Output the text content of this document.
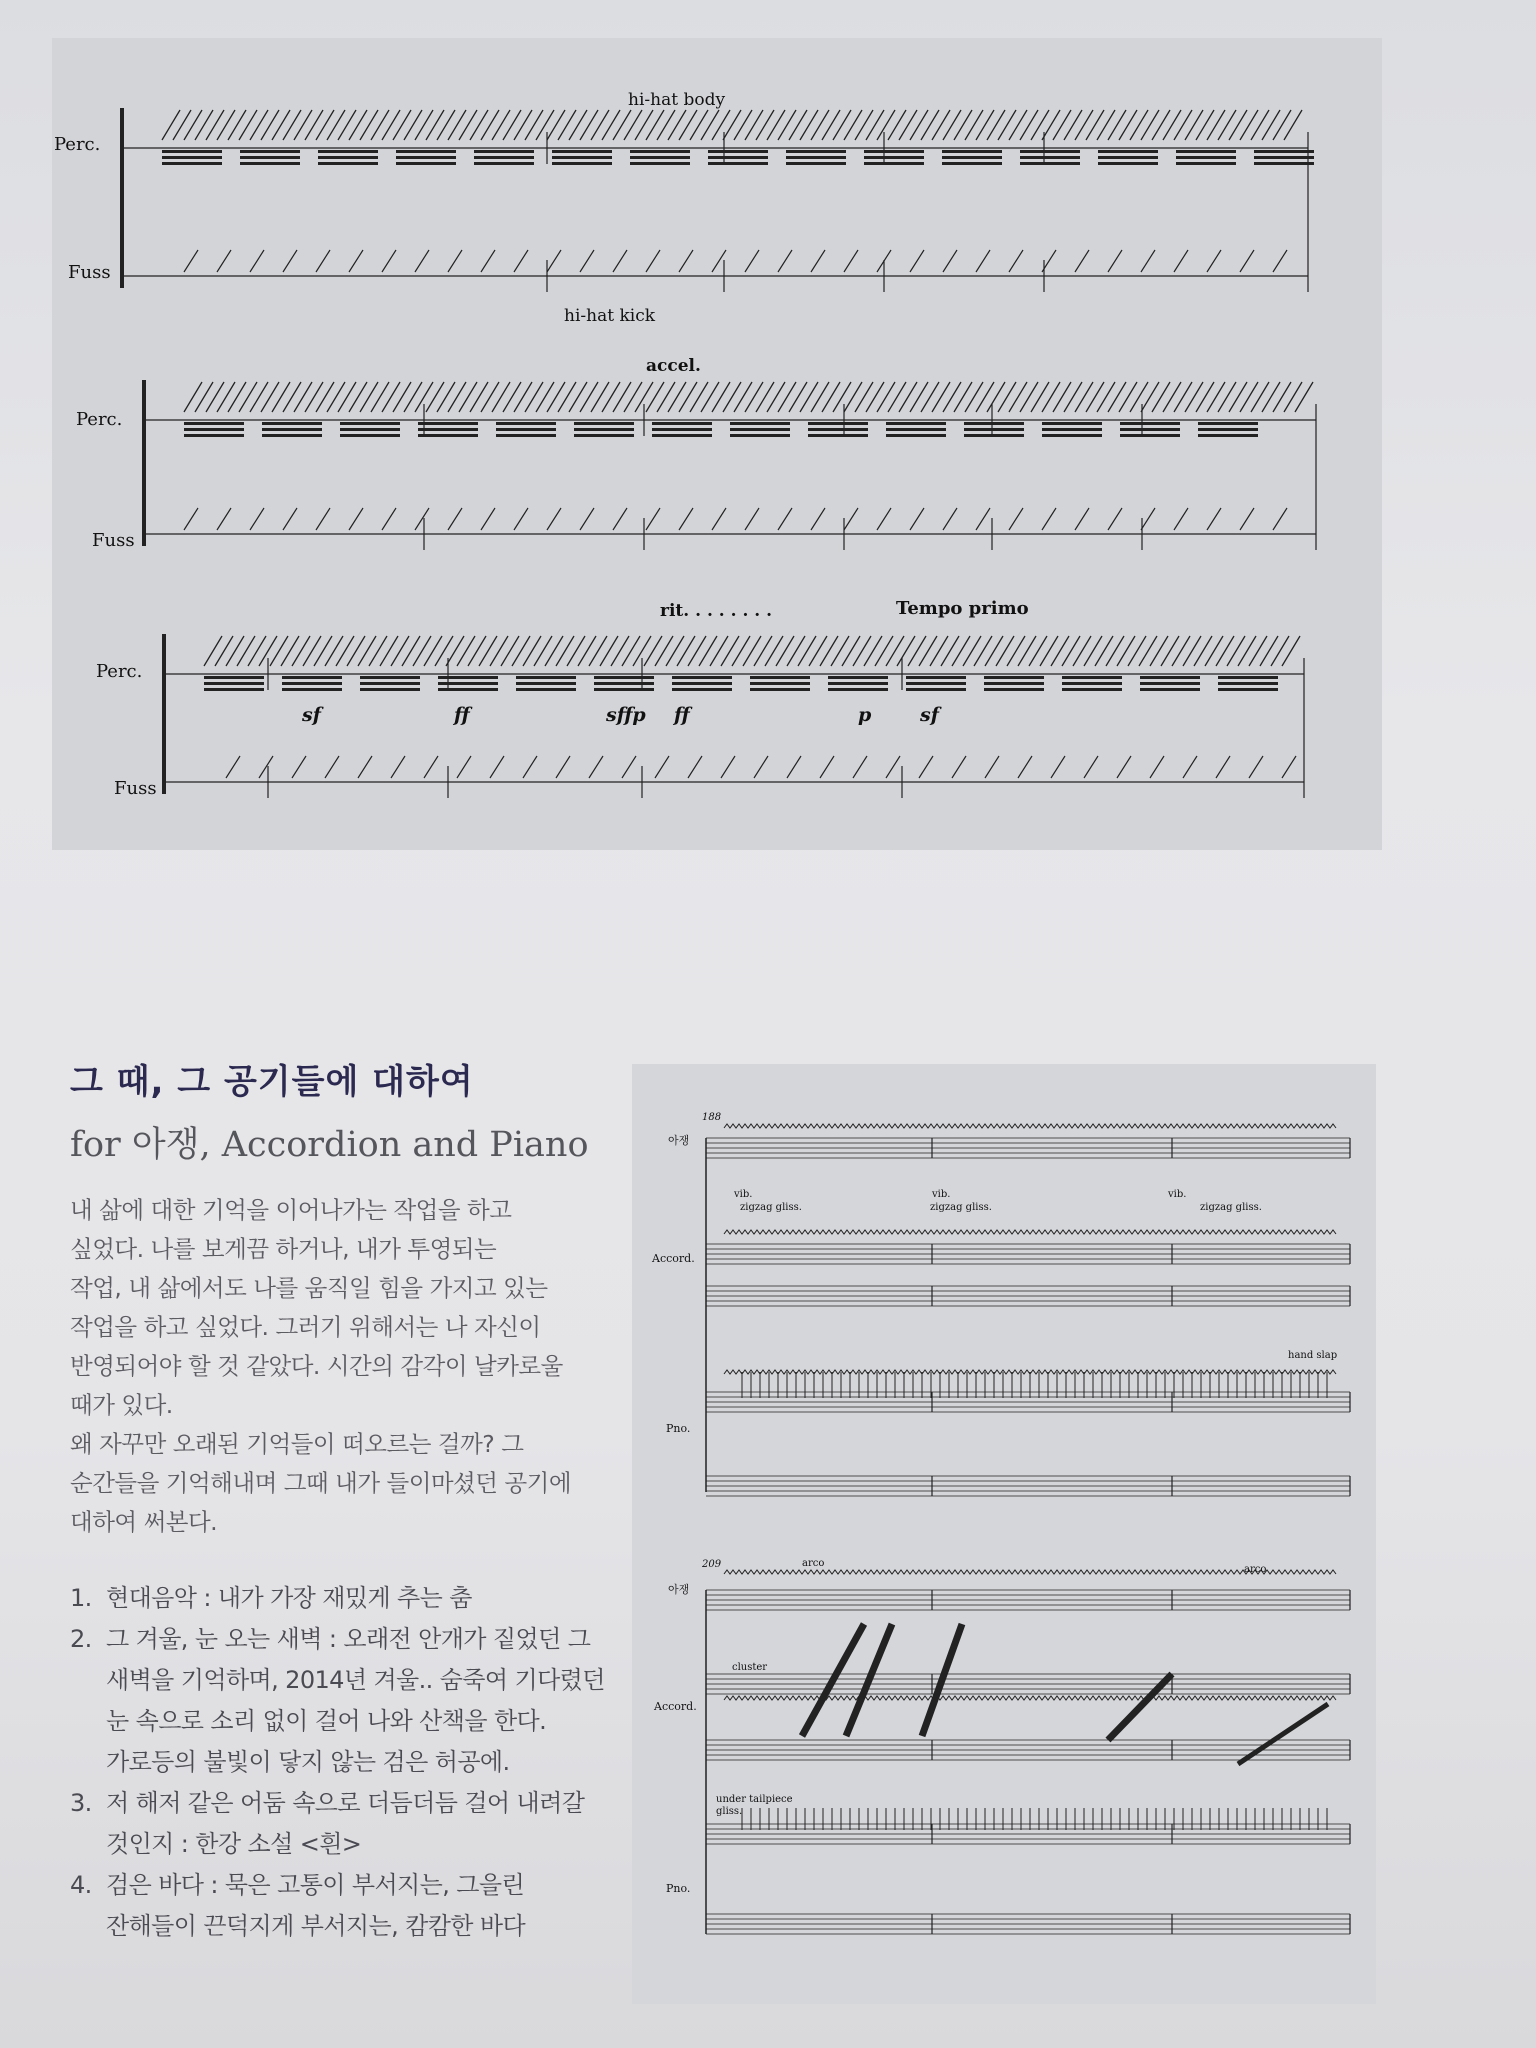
Perc.
Fuss
hi-hat body
hi-hat kick
Perc.
Fuss
accel.
Perc.
Fuss
rit. . . . . . . .	Tempo primo
sf	ff	sffp ff	p	sf
그 때, 그 공기들에 대하여
for 아쟁, Accordion and Piano

내 삶에 대한 기억을 이어나가는 작업을 하고

싶었다. 나를 보게끔 하거나, 내가 투영되는

작업, 내 삶에서도 나를 움직일 힘을 가지고 있는

작업을 하고 싶었다. 그러기 위해서는 나 자신이

반영되어야 할 것 같았다. 시간의 감각이 날카로울

때가 있다.

왜 자꾸만 오래된 기억들이 떠오르는 걸까? 그

순간들을 기억해내며 그때 내가 들이마셨던 공기에

대하여 써본다.

1. 현대음악 : 내가 가장 재밌게 추는 춤
2. 그 겨울, 눈 오는 새벽 : 오래전 안개가 짙었던 그
새벽을 기억하며, 2014년 겨울.. 숨죽여 기다렸던
눈 속으로 소리 없이 걸어 나와 산책을 한다.
가로등의 불빛이 닿지 않는 검은 허공에.
3. 저 해저 같은 어둠 속으로 더듬더듬 걸어 내려갈
것인지 : 한강 소설 <흰>
4. 검은 바다 : 묵은 고통이 부서지는, 그을린
잔해들이 끈덕지게 부서지는, 캄캄한 바다
188
209
아쟁
Accord.
Pno.
아쟁
Accord.
Pno.
vib.	vib.	vib.
zigzag gliss.	zigzag gliss.	zigzag gliss.
hand slap
arco
arco
cluster
under tailpiece
gliss.
